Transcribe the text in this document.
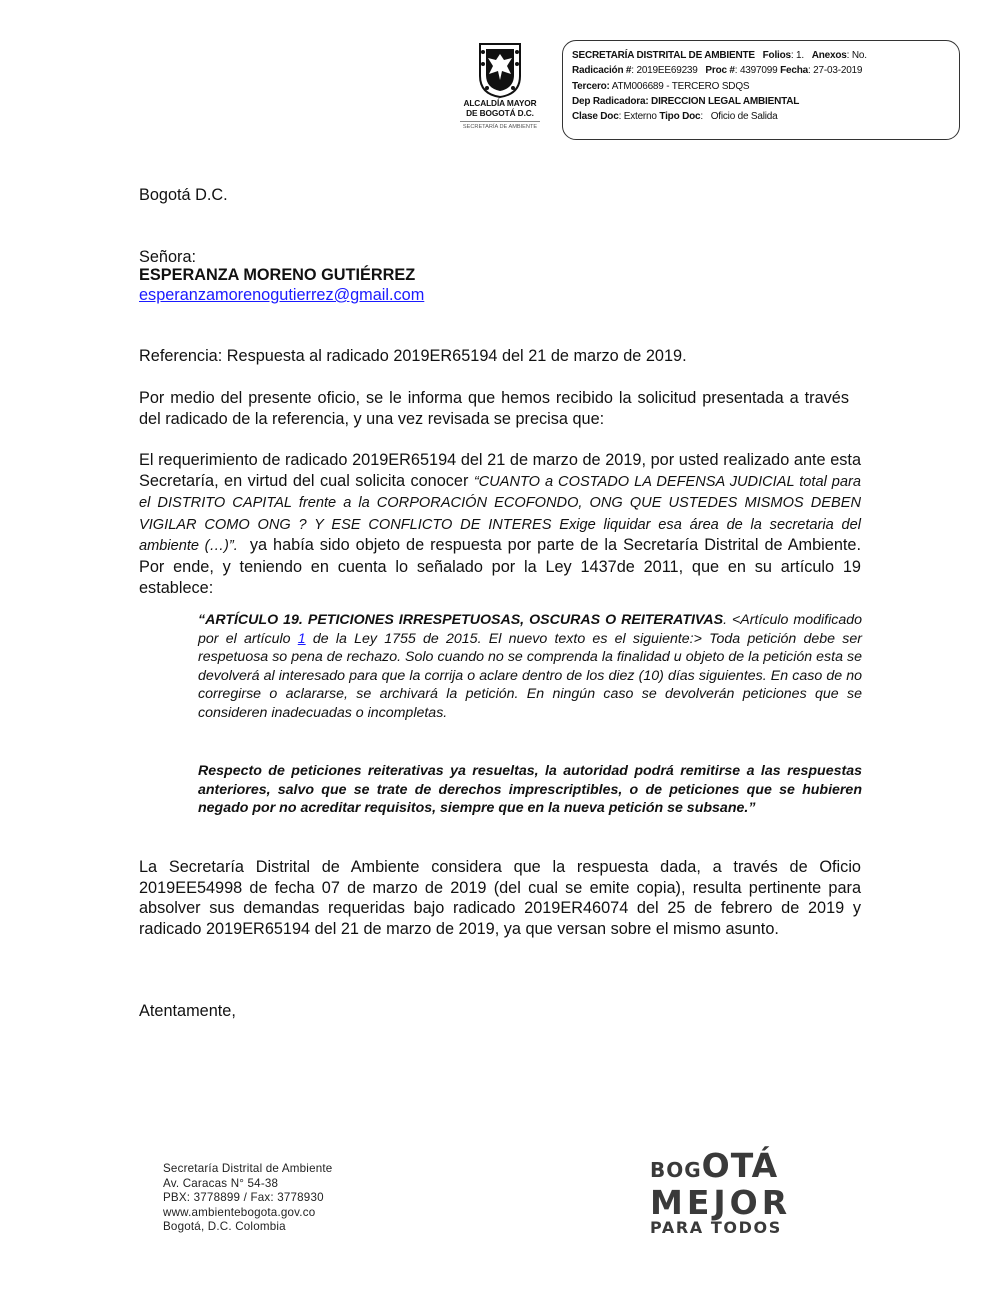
ALCALDÍA MAYOR
DE BOGOTÁ D.C.
SECRETARÍA DE AMBIENTE
SECRETARÍA DISTRITAL DE AMBIENTE Folios: 1. Anexos: No.
Radicación #: 2019EE69239 Proc #: 4397099 Fecha: 27-03-2019
Tercero: ATM006689 - TERCERO SDQS
Dep Radicadora: DIRECCION LEGAL AMBIENTAL
Clase Doc: Externo Tipo Doc:   Oficio de Salida
Bogotá D.C.
Señora:
ESPERANZA MORENO GUTIÉRREZ
esperanzamorenogutierrez@gmail.com
Referencia: Respuesta al radicado 2019ER65194 del 21 de marzo de 2019.
Por medio del presente oficio, se le informa que hemos recibido la solicitud presentada a través del radicado de la referencia, y una vez revisada se precisa que:
El requerimiento de radicado 2019ER65194 del 21 de marzo de 2019, por usted realizado ante esta Secretaría, en virtud del cual solicita conocer “CUANTO a COSTADO LA DEFENSA JUDICIAL total para el DISTRITO CAPITAL frente a la CORPORACIÓN ECOFONDO, ONG QUE USTEDES MISMOS DEBEN VIGILAR COMO ONG ? Y ESE CONFLICTO DE INTERES Exige liquidar esa área de la secretaria del ambiente (…)”.  ya había sido objeto de respuesta por parte de la Secretaría Distrital de Ambiente. Por ende, y teniendo en cuenta lo señalado por la Ley 1437de 2011, que en su artículo 19 establece:
“ARTÍCULO 19. PETICIONES IRRESPETUOSAS, OSCURAS O REITERATIVAS. <Artículo modificado por el artículo 1 de la Ley 1755 de 2015. El nuevo texto es el siguiente:> Toda petición debe ser respetuosa so pena de rechazo. Solo cuando no se comprenda la finalidad u objeto de la petición esta se devolverá al interesado para que la corrija o aclare dentro de los diez (10) días siguientes. En caso de no corregirse o aclararse, se archivará la petición. En ningún caso se devolverán peticiones que se consideren inadecuadas o incompletas.
Respecto de peticiones reiterativas ya resueltas, la autoridad podrá remitirse a las respuestas anteriores, salvo que se trate de derechos imprescriptibles, o de peticiones que se hubieren negado por no acreditar requisitos, siempre que en la nueva petición se subsane.”
La Secretaría Distrital de Ambiente considera que la respuesta dada, a través de Oficio 2019EE54998 de fecha 07 de marzo de 2019 (del cual se emite copia), resulta pertinente para absolver sus demandas requeridas bajo radicado 2019ER46074 del 25 de febrero de 2019 y radicado 2019ER65194 del 21 de marzo de 2019, ya que versan sobre el mismo asunto.
Atentamente,
Secretaría Distrital de Ambiente
Av. Caracas N° 54-38
PBX: 3778899 / Fax: 3778930
www.ambientebogota.gov.co
Bogotá, D.C. Colombia
BOGOTÁ
MEJOR
PARA TODOS
